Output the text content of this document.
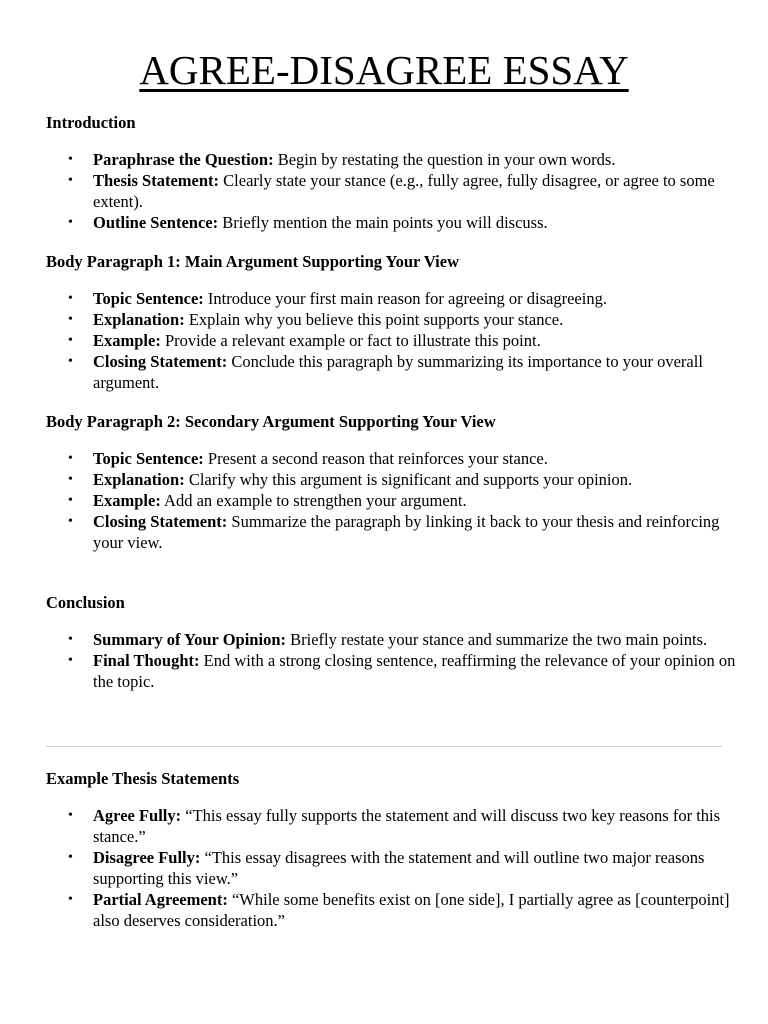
AGREE-DISAGREE ESSAY

Introduction

• Paraphrase the Question: Begin by restating the question in your own words.
• Thesis Statement: Clearly state your stance (e.g., fully agree, fully disagree, or agree to some extent).
• Outline Sentence: Briefly mention the main points you will discuss.

Body Paragraph 1: Main Argument Supporting Your View

• Topic Sentence: Introduce your first main reason for agreeing or disagreeing.
• Explanation: Explain why you believe this point supports your stance.
• Example: Provide a relevant example or fact to illustrate this point.
• Closing Statement: Conclude this paragraph by summarizing its importance to your overall argument.

Body Paragraph 2: Secondary Argument Supporting Your View

• Topic Sentence: Present a second reason that reinforces your stance.
• Explanation: Clarify why this argument is significant and supports your opinion.
• Example: Add an example to strengthen your argument.
• Closing Statement: Summarize the paragraph by linking it back to your thesis and reinforcing your view.

Conclusion

• Summary of Your Opinion: Briefly restate your stance and summarize the two main points.
• Final Thought: End with a strong closing sentence, reaffirming the relevance of your opinion on the topic.

Example Thesis Statements

• Agree Fully: “This essay fully supports the statement and will discuss two key reasons for this stance.”
• Disagree Fully: “This essay disagrees with the statement and will outline two major reasons supporting this view.”
• Partial Agreement: “While some benefits exist on [one side], I partially agree as [counterpoint] also deserves consideration.”
